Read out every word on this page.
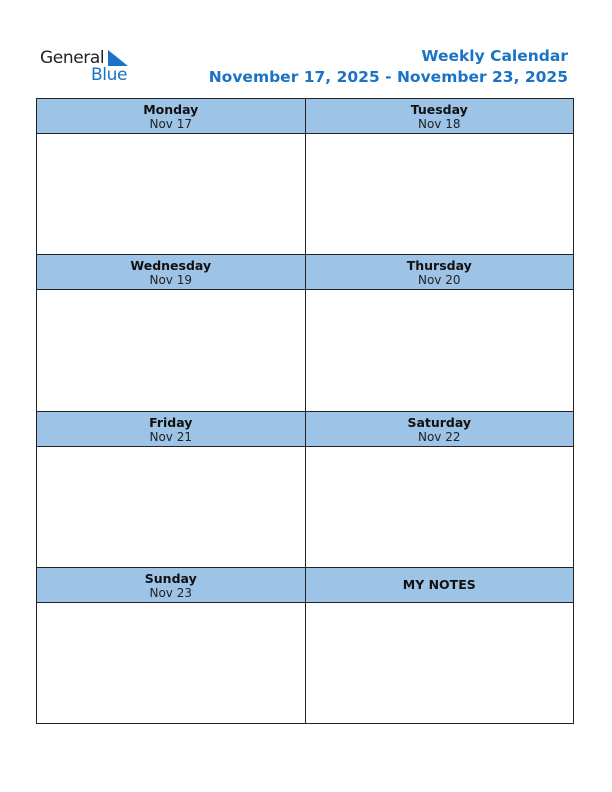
General
Blue
Weekly Calendar
November 17, 2025 - November 23, 2025
Monday
Nov 17
Tuesday
Nov 18
Wednesday
Nov 19
Thursday
Nov 20
Friday
Nov 21
Saturday
Nov 22
Sunday
Nov 23
MY NOTES
